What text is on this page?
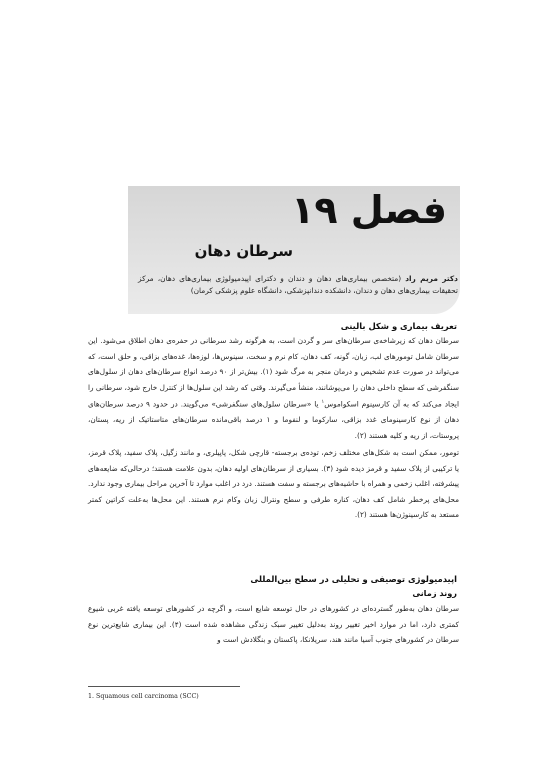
فصل ۱۹
سرطان دهان
دکتر مریم راد (متخصص بیماری‌های دهان و دندان و دکترای اپیدمیولوژی بیماری‌های دهان، مرکز تحقیقات بیماری‌های دهان و دندان، دانشکده دندانپزشکی، دانشگاه علوم پزشکی کرمان)
تعریف بیماری و شکل بالینی
سرطان دهان که زیرشاخه‌ی سرطان‌های سر و گردن است، به هرگونه رشد سرطانی در حفره‌ی دهان اطلاق می‌شود. این سرطان شامل تومورهای لب، زبان، گونه، کف دهان، کام نرم و سخت، سینوس‌ها، لوزه‌ها، غده‌های بزاقی، و حلق است، که می‌تواند در صورت عدم تشخیص و درمان منجر به مرگ شود (۱). بیش‌تر از ۹۰ درصد انواع سرطان‌های دهان از سلول‌های سنگفرشی که سطح داخلی دهان را می‌پوشانند، منشأ می‌گیرند. وقتی که رشد این سلول‌ها از کنترل خارج شود، سرطانی را ایجاد می‌کند که به آن کارسینوم اسکواموس$^۱$ یا «سرطان سلول‌های سنگفرشی» می‌گویند. در حدود ۹ درصد سرطان‌های دهان از نوع کارسینومای غدد بزاقی، سارکوما و لنفوما و ۱ درصد باقی‌مانده سرطان‌های متاستاتیک از ریه، پستان، پروستات، از ریه و کلیه هستند (۲).
تومور، ممکن است به شکل‌های مختلف زخم، توده‌ی برجسته- قارچی شکل، پاپیلری، و مانند زگیل، پلاک سفید، پلاک قرمز، یا ترکیبی از پلاک سفید و قرمز دیده شود (۳). بسیاری از سرطان‌های اولیه دهان، بدون علامت هستند؛ درحالی‌که ضایعه‌های پیشرفته، اغلب زخمی و همراه با حاشیه‌های برجسته و سفت هستند. درد در اغلب موارد تا آخرین مراحل بیماری وجود ندارد. محل‌های پرخطر شامل کف دهان، کناره طرفی و سطح ونترال زبان وکام نرم هستند. این محل‌ها به‌علت کراتین کمتر مستعد به کارسینوژن‌ها هستند (۲).
اپیدمیولوژی توصیفی و تحلیلی در سطح بین‌المللی
روند زمانی
سرطان دهان به‌طور گسترده‌ای در کشورهای در حال توسعه شایع است، و اگرچه در کشورهای توسعه یافته غربی شیوع کمتری دارد، اما در موارد اخیر تغییر روند به‌دلیل تغییر سبک زندگی مشاهده شده است (۴). این بیماری شایع‌ترین نوع سرطان در کشورهای جنوب آسیا مانند هند، سریلانکا، پاکستان و بنگلادش است و
1. Squamous cell carcinoma (SCC)
